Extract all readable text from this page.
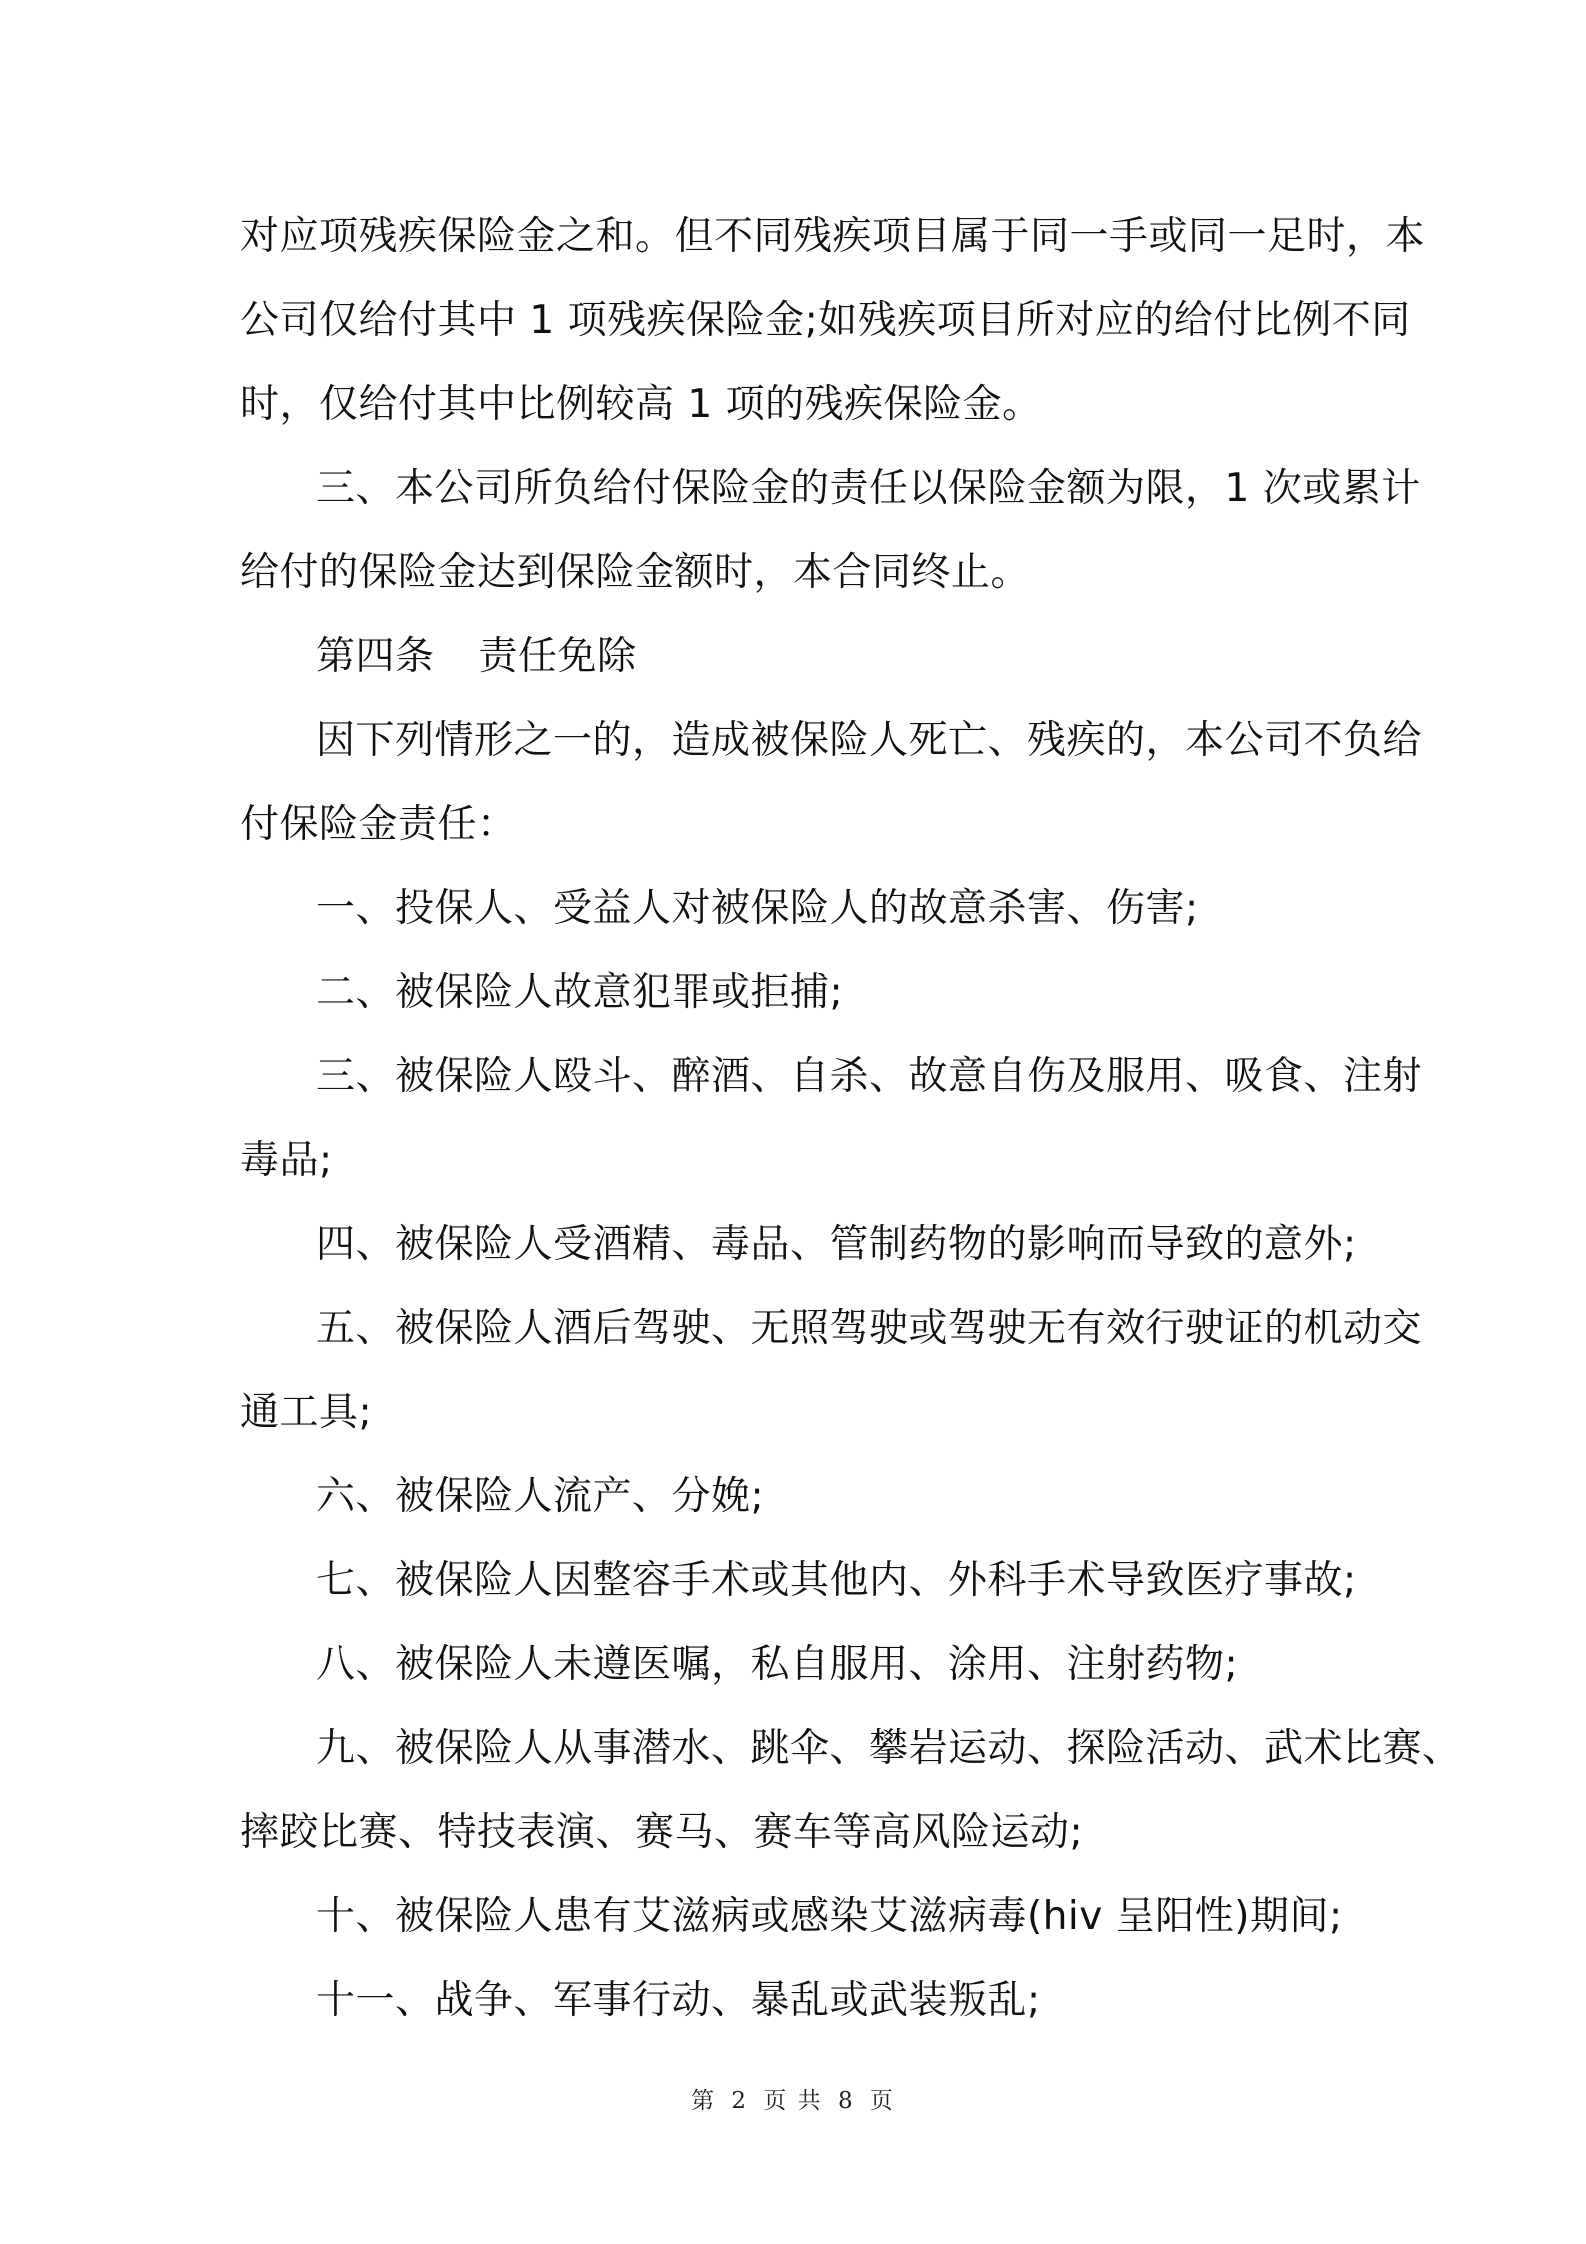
对应项残疾保险金之和。但不同残疾项目属于同一手或同一足时，本
公司仅给付其中 1 项残疾保险金;如残疾项目所对应的给付比例不同
时，仅给付其中比例较高 1 项的残疾保险金。
三、本公司所负给付保险金的责任以保险金额为限，1 次或累计
给付的保险金达到保险金额时，本合同终止。
第四条 责任免除
因下列情形之一的，造成被保险人死亡、残疾的，本公司不负给
付保险金责任：
一、投保人、受益人对被保险人的故意杀害、伤害;
二、被保险人故意犯罪或拒捕;
三、被保险人殴斗、醉酒、自杀、故意自伤及服用、吸食、注射
毒品;
四、被保险人受酒精、毒品、管制药物的影响而导致的意外;
五、被保险人酒后驾驶、无照驾驶或驾驶无有效行驶证的机动交
通工具;
六、被保险人流产、分娩;
七、被保险人因整容手术或其他内、外科手术导致医疗事故;
八、被保险人未遵医嘱，私自服用、涂用、注射药物;
九、被保险人从事潜水、跳伞、攀岩运动、探险活动、武术比赛、
摔跤比赛、特技表演、赛马、赛车等高风险运动;
十、被保险人患有艾滋病或感染艾滋病毒(hiv 呈阳性)期间;
十一、战争、军事行动、暴乱或武装叛乱;
第 2 页 共 8 页
